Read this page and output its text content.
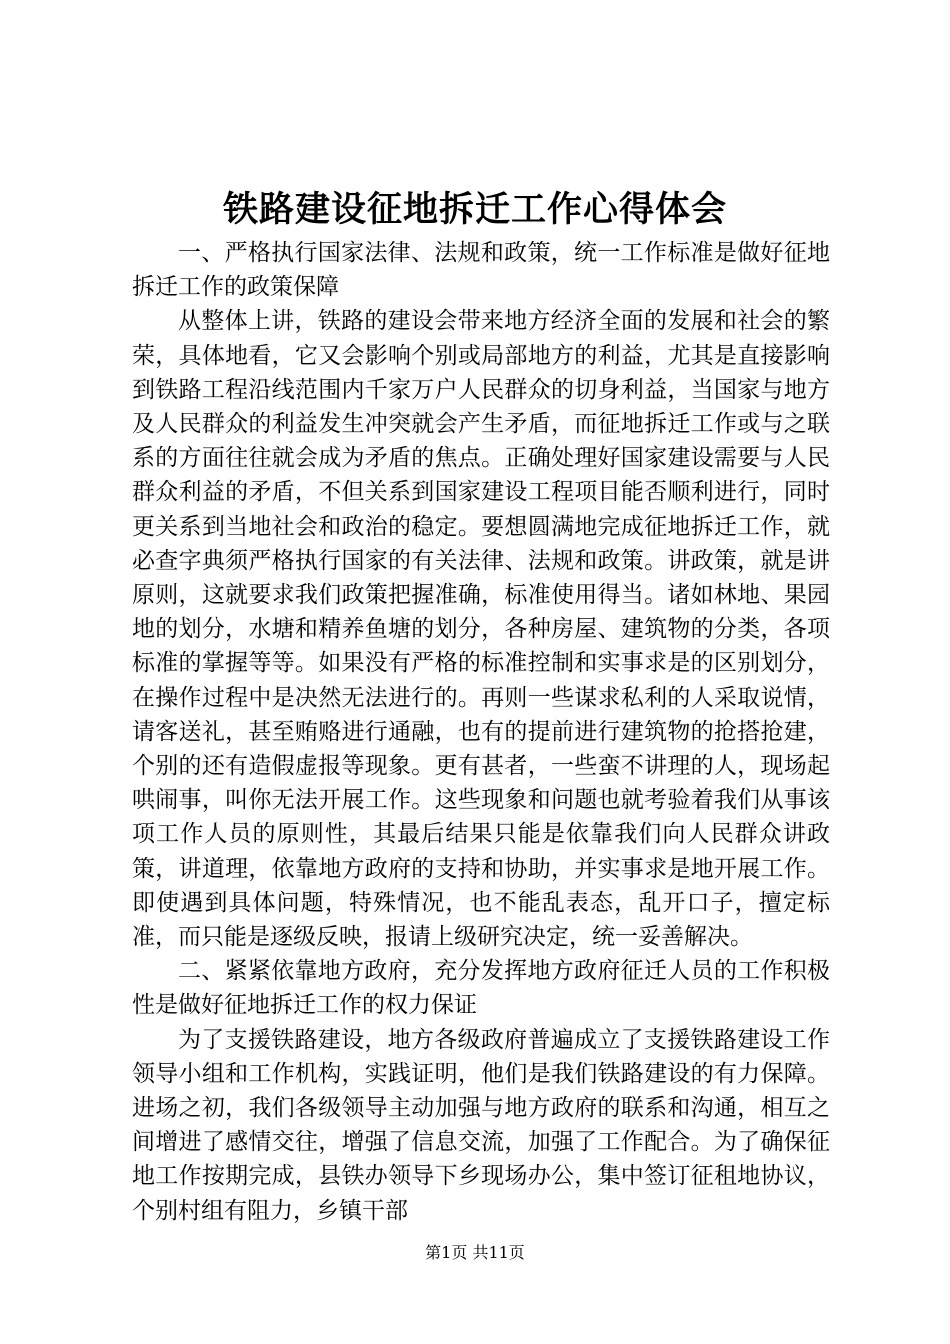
铁路建设征地拆迁工作心得体会

一、严格执行国家法律、法规和政策，统一工作标准是做好征地拆迁工作的政策保障

从整体上讲，铁路的建设会带来地方经济全面的发展和社会的繁荣，具体地看，它又会影响个别或局部地方的利益，尤其是直接影响到铁路工程沿线范围内千家万户人民群众的切身利益，当国家与地方及人民群众的利益发生冲突就会产生矛盾，而征地拆迁工作或与之联系的方面往往就会成为矛盾的焦点。正确处理好国家建设需要与人民群众利益的矛盾，不但关系到国家建设工程项目能否顺利进行，同时更关系到当地社会和政治的稳定。要想圆满地完成征地拆迁工作，就必查字典须严格执行国家的有关法律、法规和政策。讲政策，就是讲原则，这就要求我们政策把握准确，标准使用得当。诸如林地、果园地的划分，水塘和精养鱼塘的划分，各种房屋、建筑物的分类，各项标准的掌握等等。如果没有严格的标准控制和实事求是的区别划分，在操作过程中是决然无法进行的。再则一些谋求私利的人采取说情，请客送礼，甚至贿赂进行通融，也有的提前进行建筑物的抢搭抢建，个别的还有造假虚报等现象。更有甚者，一些蛮不讲理的人，现场起哄闹事，叫你无法开展工作。这些现象和问题也就考验着我们从事该项工作人员的原则性，其最后结果只能是依靠我们向人民群众讲政策，讲道理，依靠地方政府的支持和协助，并实事求是地开展工作。即使遇到具体问题，特殊情况，也不能乱表态，乱开口子，擅定标准，而只能是逐级反映，报请上级研究决定，统一妥善解决。

二、紧紧依靠地方政府，充分发挥地方政府征迁人员的工作积极性是做好征地拆迁工作的权力保证

为了支援铁路建设，地方各级政府普遍成立了支援铁路建设工作领导小组和工作机构，实践证明，他们是我们铁路建设的有力保障。进场之初，我们各级领导主动加强与地方政府的联系和沟通，相互之间增进了感情交往，增强了信息交流，加强了工作配合。为了确保征地工作按期完成，县铁办领导下乡现场办公，集中签订征租地协议，个别村组有阻力，乡镇干部

第1页 共11页
